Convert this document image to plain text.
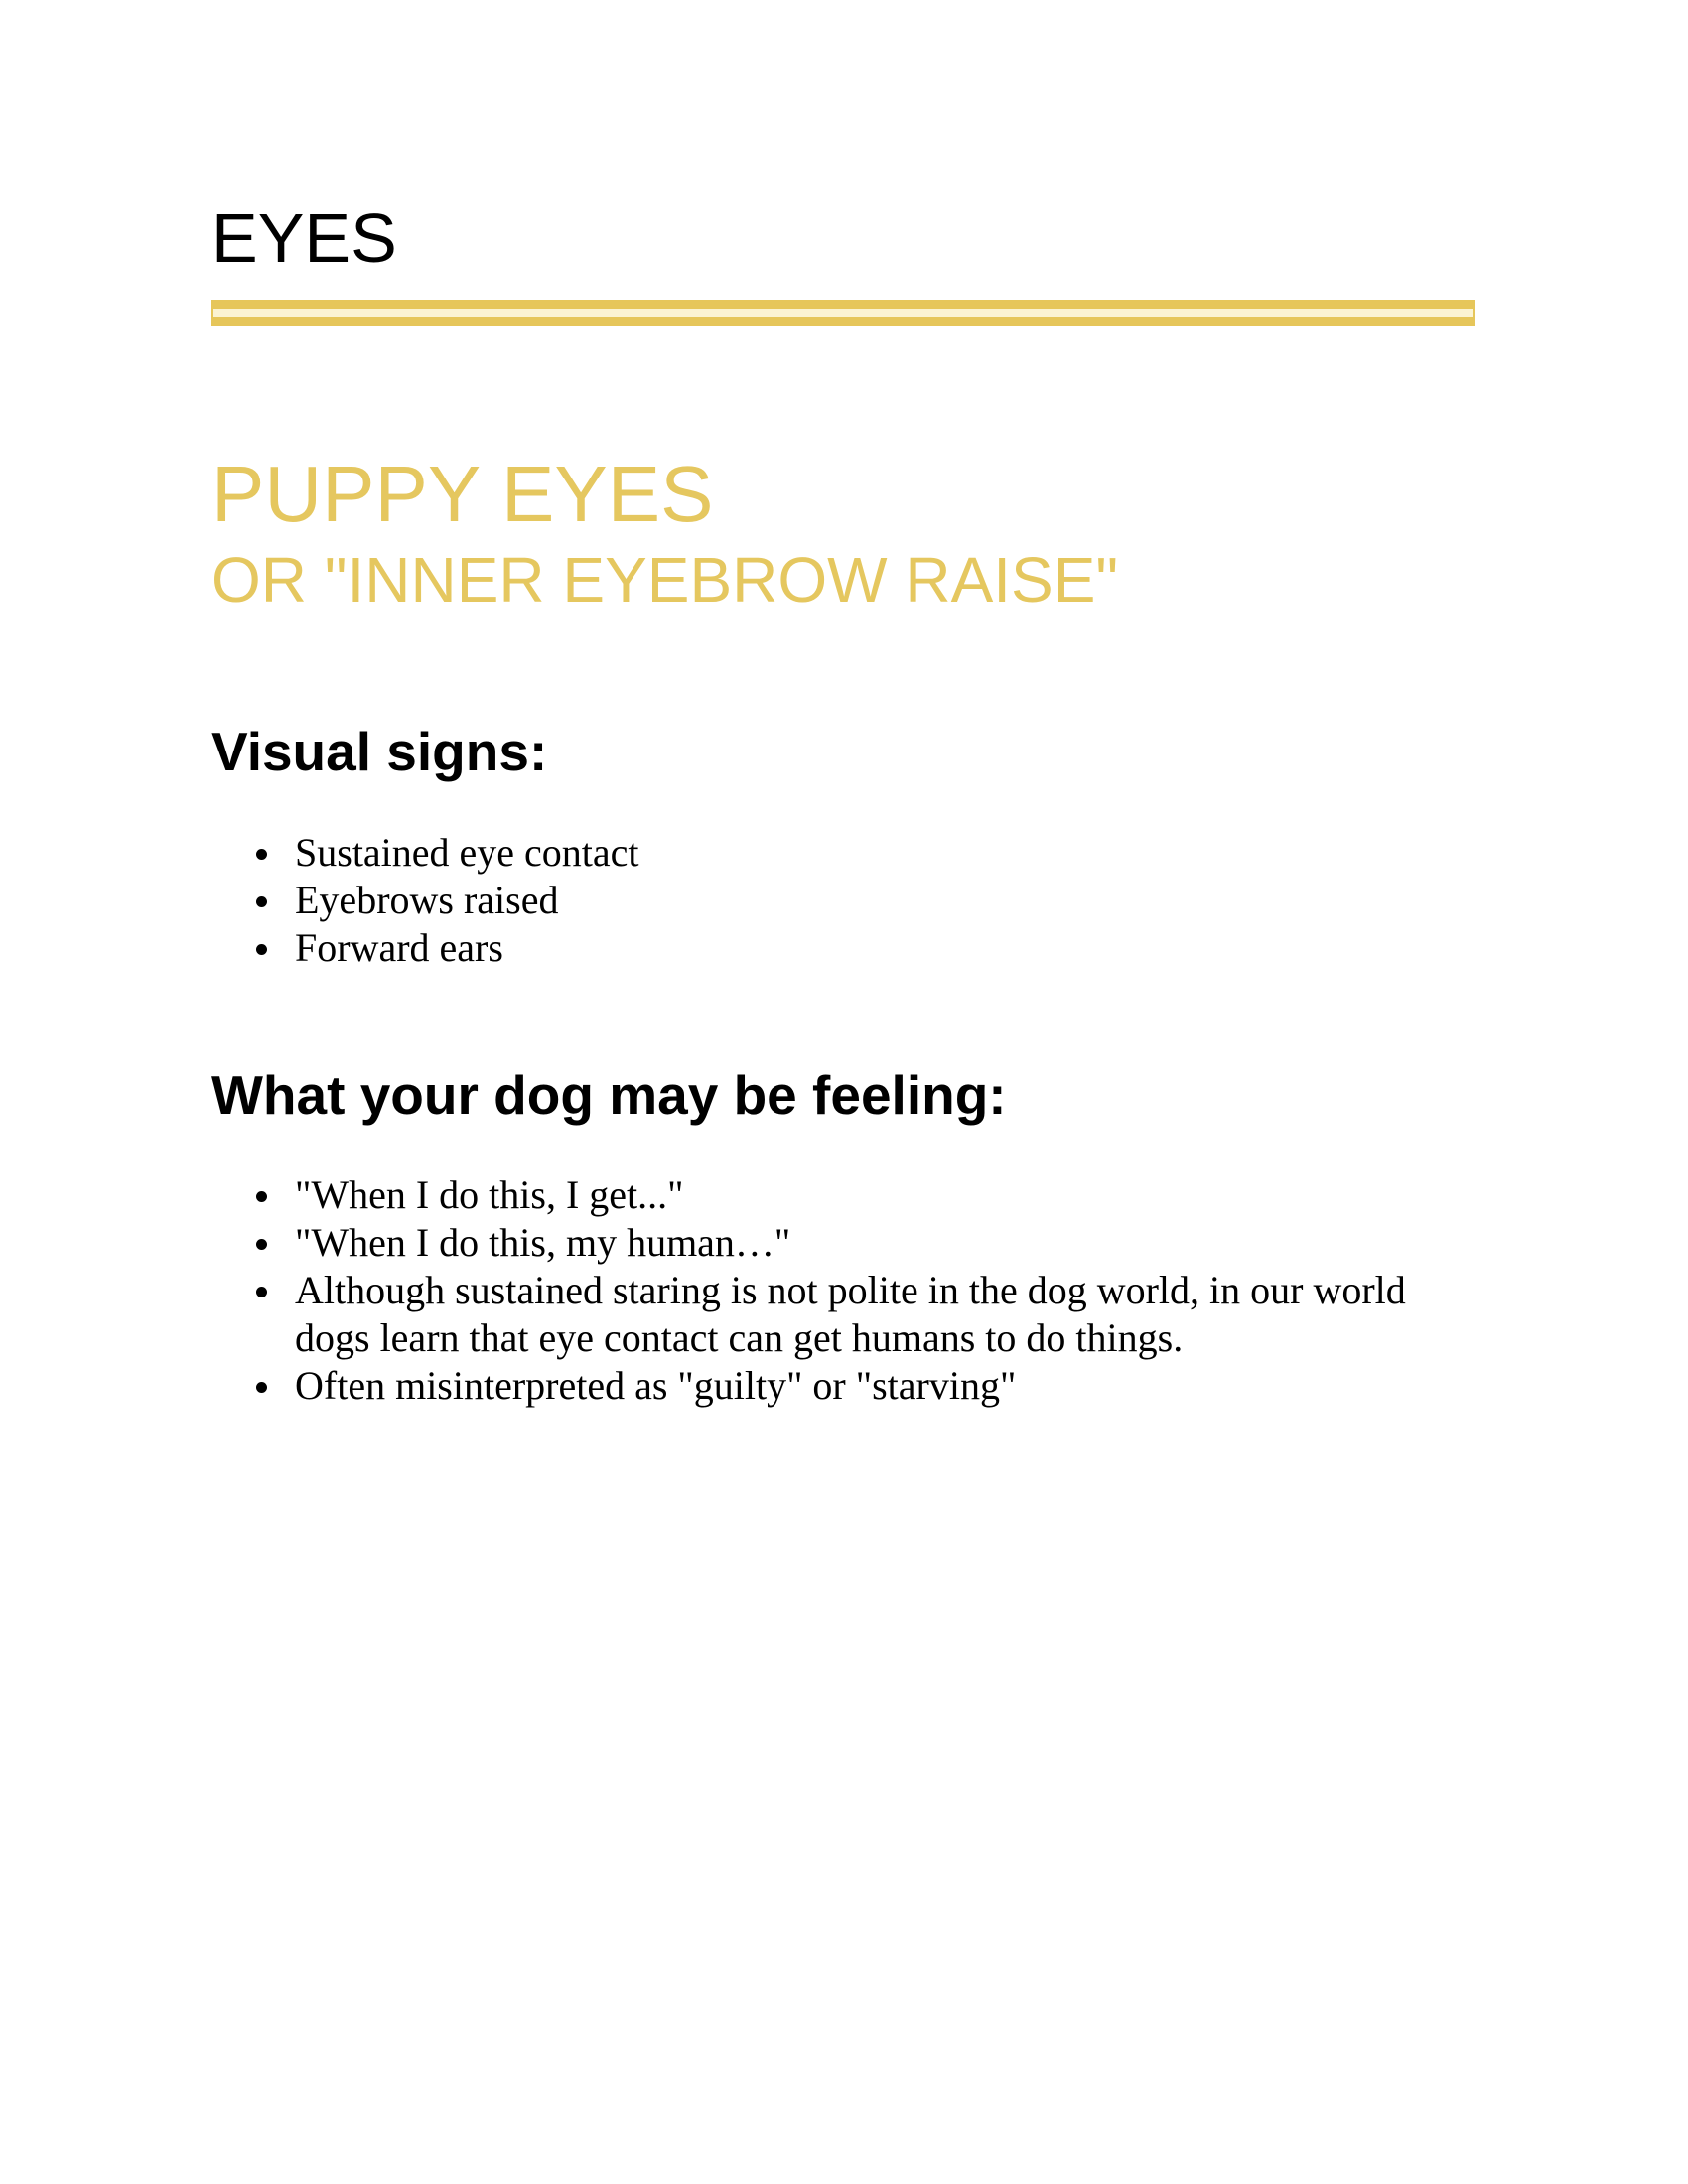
EYES
PUPPY EYES
OR "INNER EYEBROW RAISE"
Visual signs:
Sustained eye contact
Eyebrows raised
Forward ears
What your dog may be feeling:
"When I do this, I get..."
"When I do this, my human…"
Although sustained staring is not polite in the dog world, in our world dogs learn that eye contact can get humans to do things.
Often misinterpreted as "guilty" or "starving"
